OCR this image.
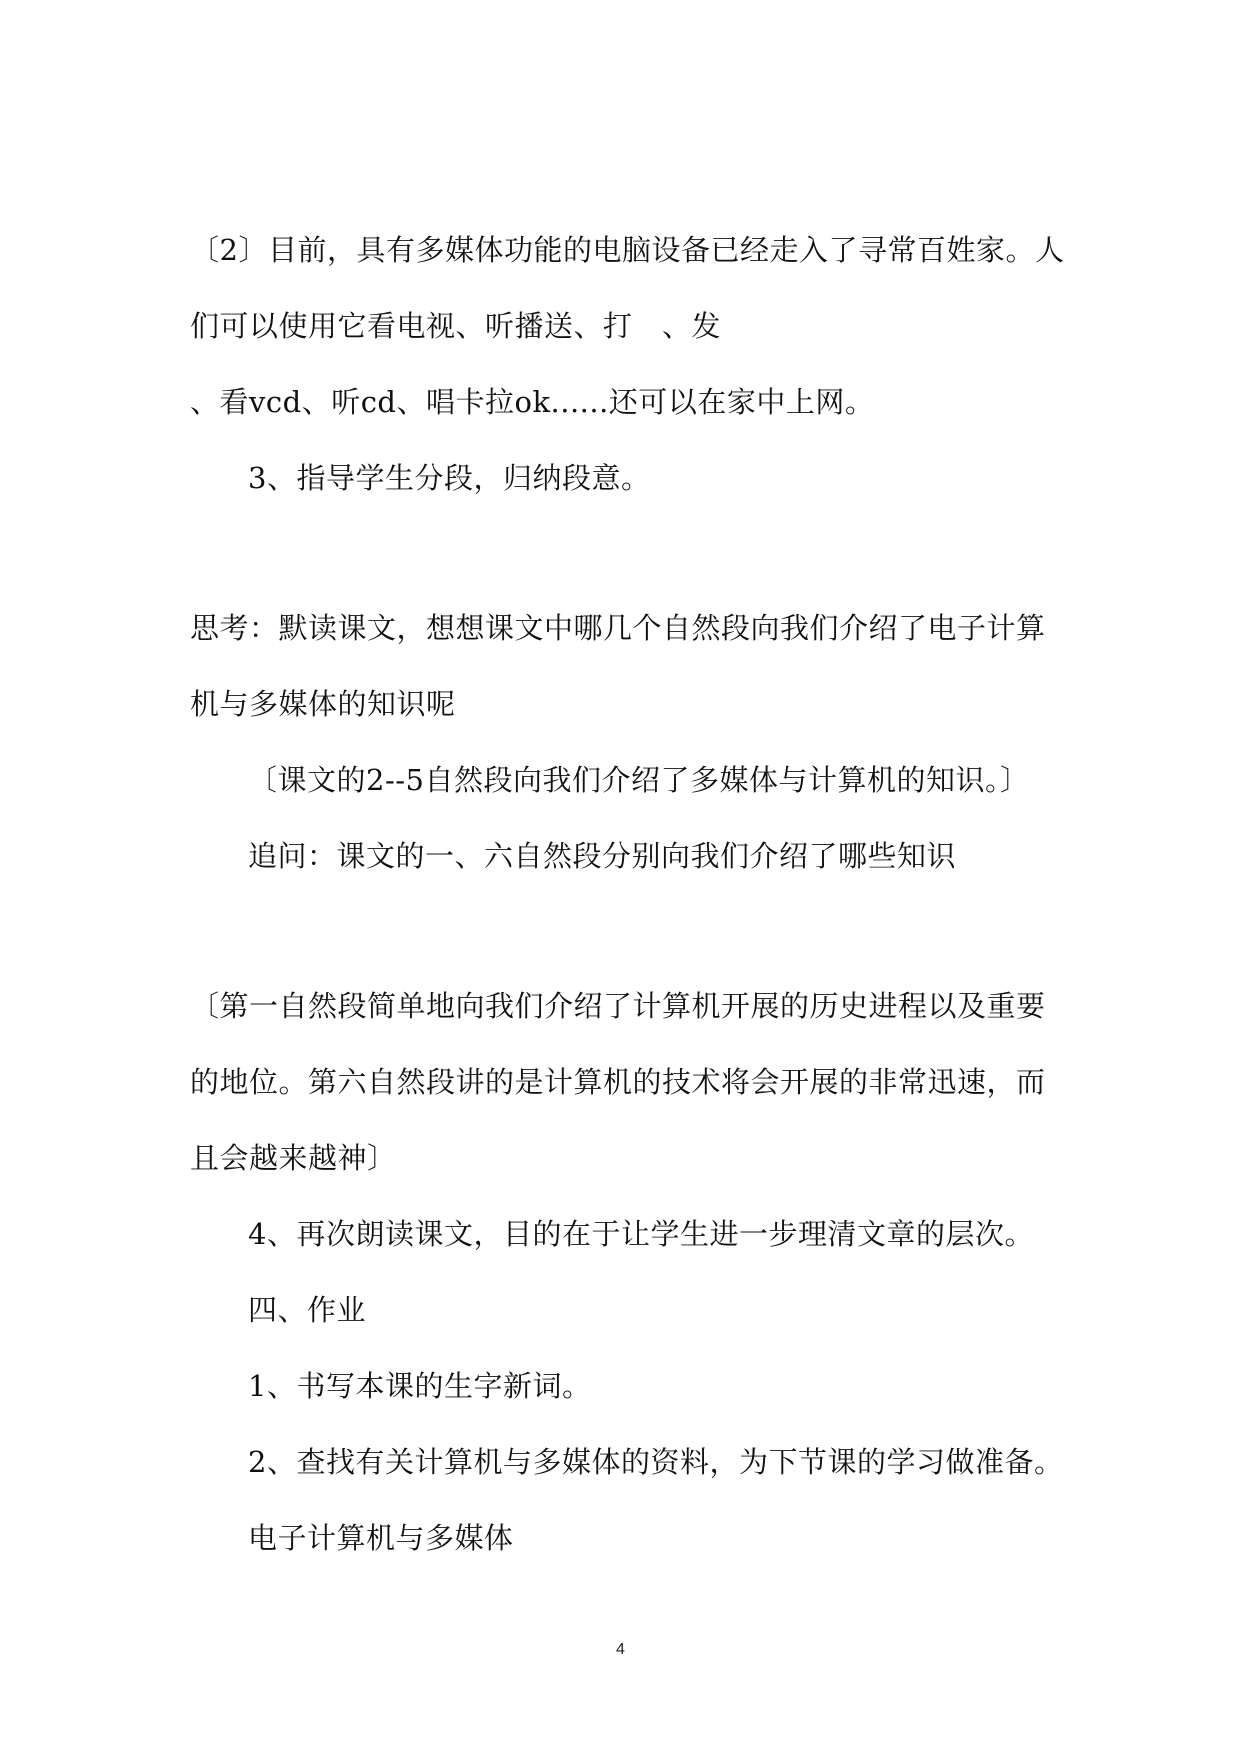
〔2〕目前，具有多媒体功能的电脑设备已经走入了寻常百姓家。人
们可以使用它看电视、听播送、打　、发
、看vcd、听cd、唱卡拉ok......还可以在家中上网。
3、指导学生分段，归纳段意。
思考：默读课文，想想课文中哪几个自然段向我们介绍了电子计算
机与多媒体的知识呢
〔课文的2--5自然段向我们介绍了多媒体与计算机的知识。〕
追问：课文的一、六自然段分别向我们介绍了哪些知识
〔第一自然段简单地向我们介绍了计算机开展的历史进程以及重要
的地位。第六自然段讲的是计算机的技术将会开展的非常迅速，而
且会越来越神〕
4、再次朗读课文，目的在于让学生进一步理清文章的层次。
四、作业
1、书写本课的生字新词。
2、查找有关计算机与多媒体的资料，为下节课的学习做准备。
电子计算机与多媒体
4
